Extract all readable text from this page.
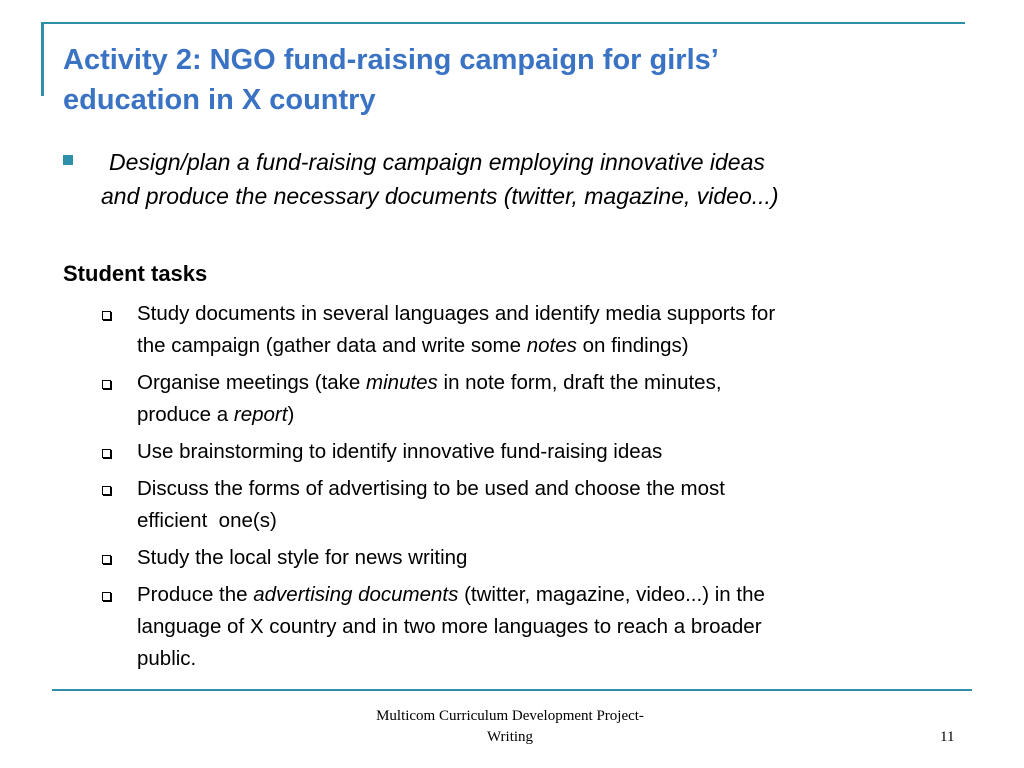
Activity 2: NGO fund-raising campaign for girls’
education in X country
Design/plan a fund-raising campaign employing innovative ideas
and produce the necessary documents (twitter, magazine, video...)
Student tasks
Study documents in several languages and identify media supports for
the campaign (gather data and write some notes on findings)
Organise meetings (take minutes in note form, draft the minutes,
produce a report)
Use brainstorming to identify innovative fund-raising ideas
Discuss the forms of advertising to be used and choose the most
efficient  one(s)
Study the local style for news writing
Produce the advertising documents (twitter, magazine, video...) in the
language of X country and in two more languages to reach a broader
public.
Multicom Curriculum Development Project-
Writing	11
